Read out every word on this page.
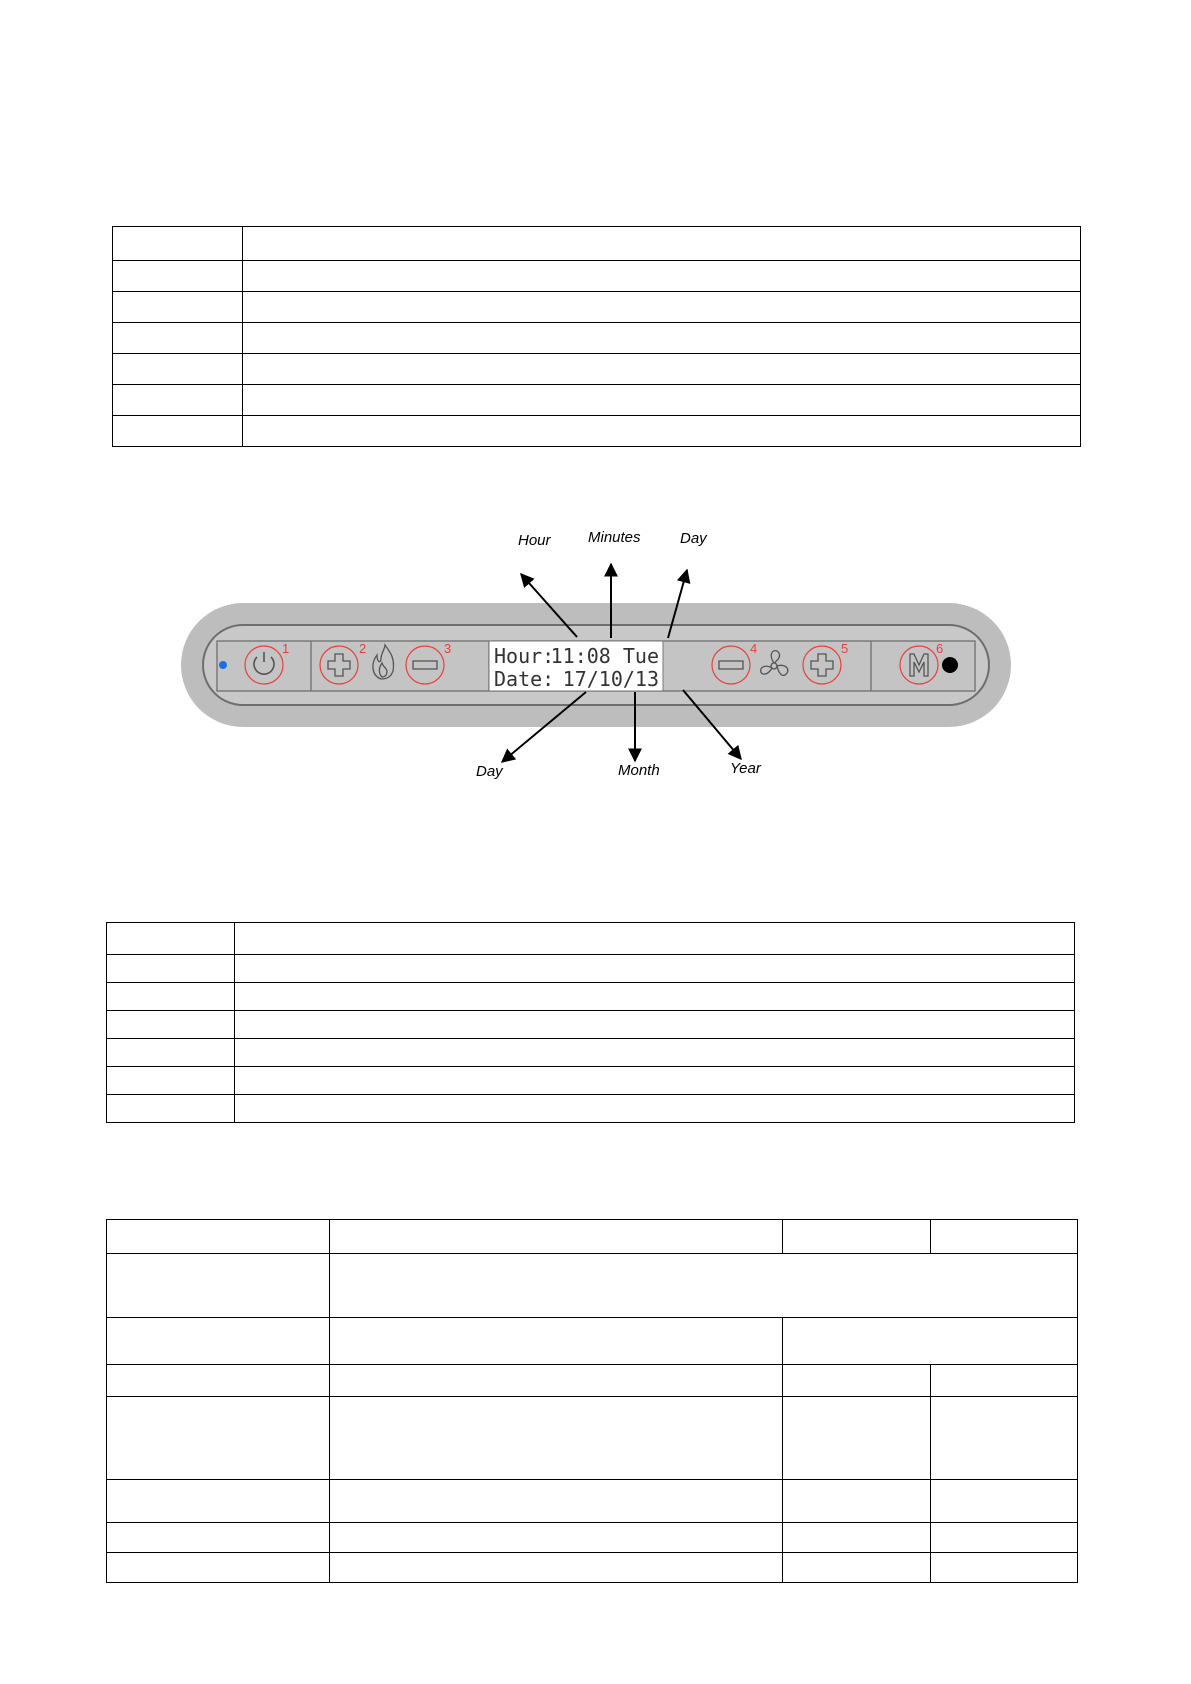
1	2	3 Hour:
11:08 Tue
Date: 17/10/13
4	5	6
Hour Minutes	Day
Day	Month	Year
